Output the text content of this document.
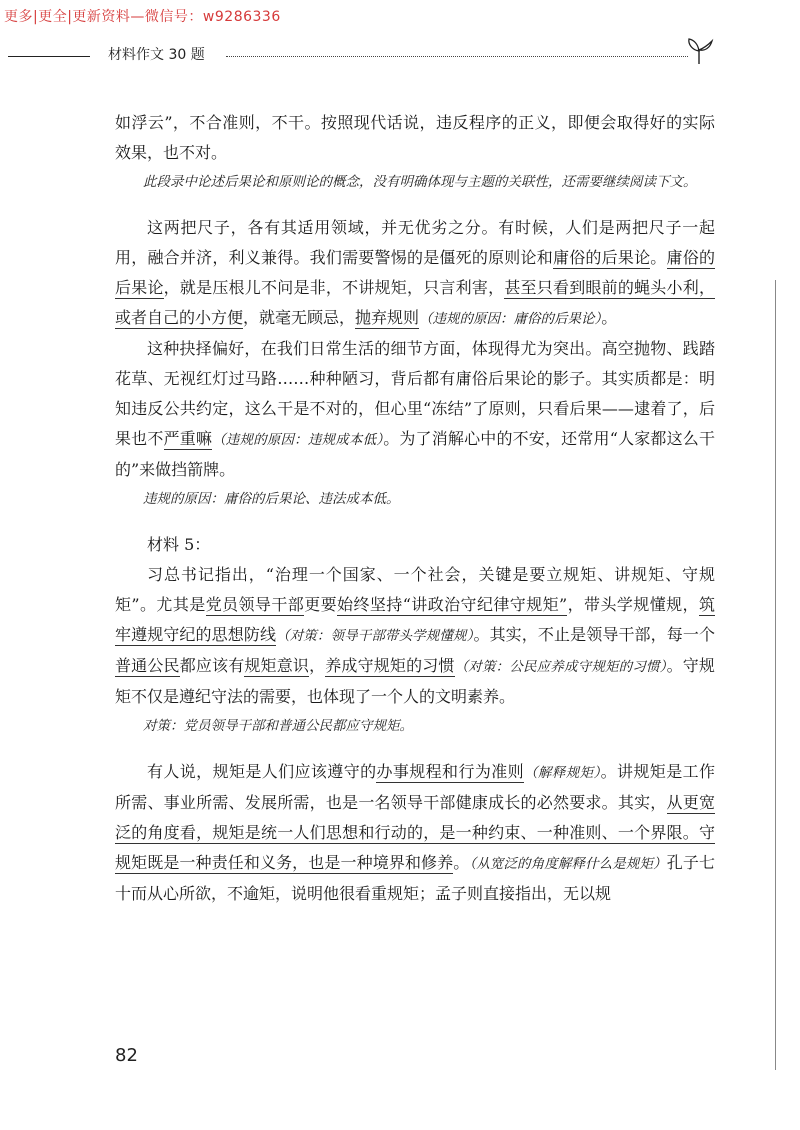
更多|更全|更新资料—微信号：w9286336
材料作文 30 题

如浮云”，不合准则，不干。按照现代话说，违反程序的正义，即便会取得好的实际效果，也不对。

此段录中论述后果论和原则论的概念，没有明确体现与主题的关联性，还需要继续阅读下文。

这两把尺子，各有其适用领域，并无优劣之分。有时候，人们是两把尺子一起用，融合并济，利义兼得。我们需要警惕的是僵死的原则论和庸俗的后果论。庸俗的后果论，就是压根儿不问是非，不讲规矩，只言利害，甚至只看到眼前的蝇头小利，或者自己的小方便，就毫无顾忌，抛弃规则（违规的原因：庸俗的后果论）。

这种抉择偏好，在我们日常生活的细节方面，体现得尤为突出。高空抛物、践踏花草、无视红灯过马路……种种陋习，背后都有庸俗后果论的影子。其实质都是：明知违反公共约定，这么干是不对的，但心里“冻结”了原则，只看后果——逮着了，后果也不严重嘛（违规的原因：违规成本低）。为了消解心中的不安，还常用“人家都这么干的”来做挡箭牌。

违规的原因：庸俗的后果论、违法成本低。

材料 5：

习总书记指出，“治理一个国家、一个社会，关键是要立规矩、讲规矩、守规矩”。尤其是党员领导干部更要始终坚持“讲政治守纪律守规矩”，带头学规懂规，筑牢遵规守纪的思想防线（对策：领导干部带头学规懂规）。其实，不止是领导干部，每一个普通公民都应该有规矩意识，养成守规矩的习惯（对策：公民应养成守规矩的习惯）。守规矩不仅是遵纪守法的需要，也体现了一个人的文明素养。

对策：党员领导干部和普通公民都应守规矩。

有人说，规矩是人们应该遵守的办事规程和行为准则（解释规矩）。讲规矩是工作所需、事业所需、发展所需，也是一名领导干部健康成长的必然要求。其实，从更宽泛的角度看，规矩是统一人们思想和行动的，是一种约束、一种准则、一个界限。守规矩既是一种责任和义务，也是一种境界和修养。（从宽泛的角度解释什么是规矩）孔子七十而从心所欲，不逾矩，说明他很看重规矩；孟子则直接指出，无以规

82
